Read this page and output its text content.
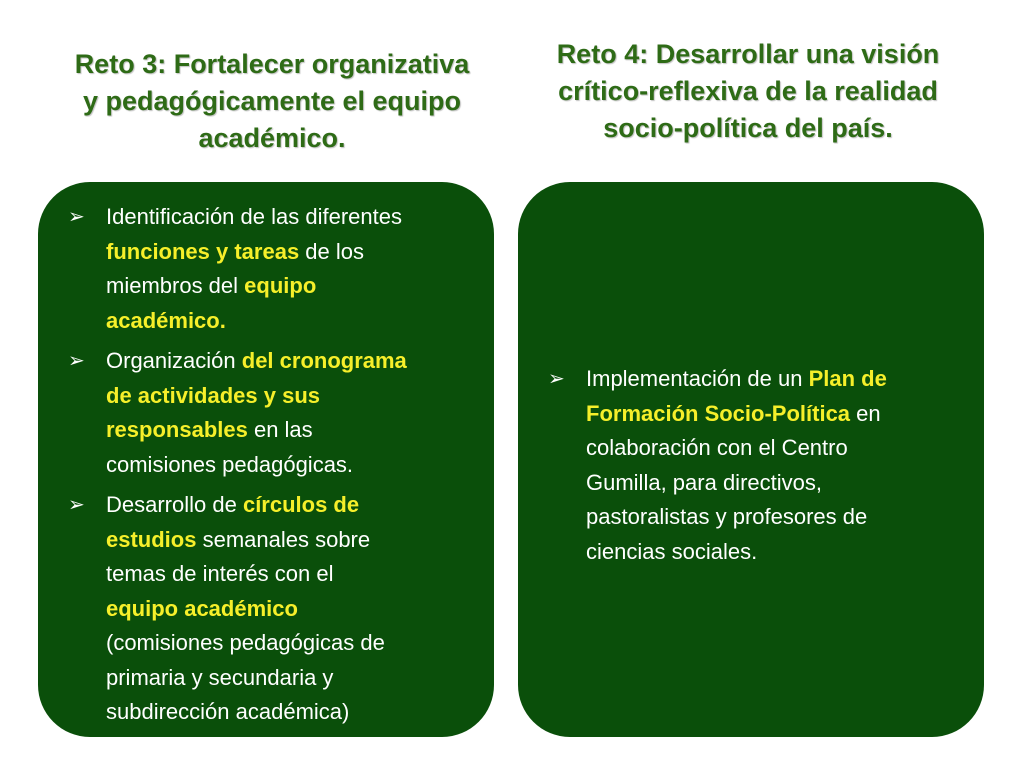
Reto 3: Fortalecer organizativa
y pedagógicamente el equipo
académico.
➢ Identificación de las diferentes
funciones y tareas de los
miembros del equipo
académico.
➢ Organización del cronograma
de actividades y sus
responsables en las
comisiones pedagógicas.
➢ Desarrollo de círculos de
estudios semanales sobre
temas de interés con el
equipo académico
(comisiones pedagógicas de
primaria y secundaria y
subdirección académica)
Reto 4: Desarrollar una visión
crítico-reflexiva de la realidad
socio-política del país.
➢ Implementación de un Plan de
Formación Socio-Política en
colaboración con el Centro
Gumilla, para directivos,
pastoralistas y profesores de
ciencias sociales.
